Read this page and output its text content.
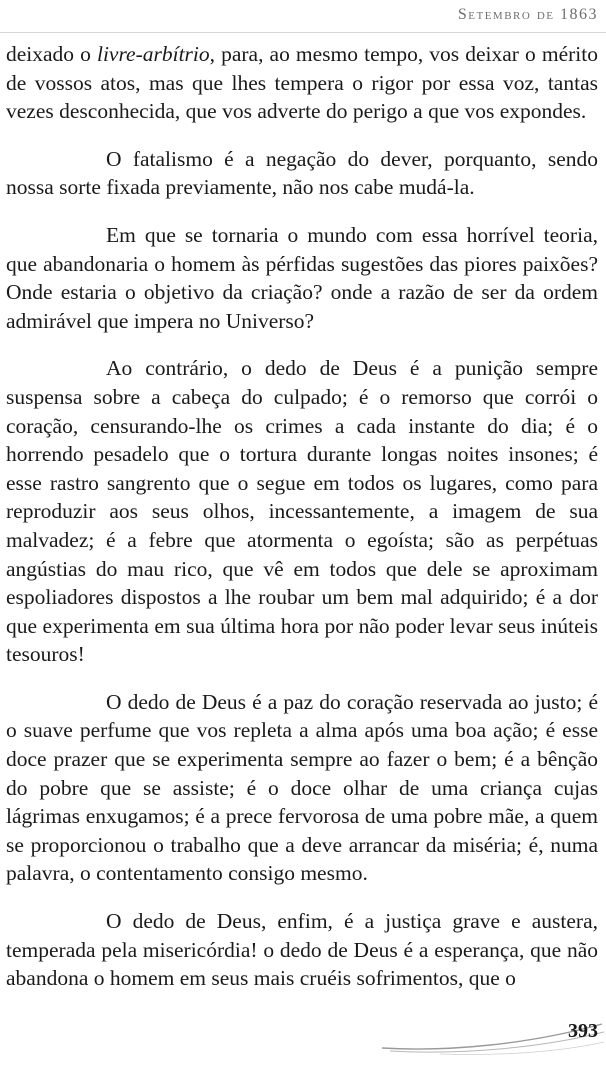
Setembro de 1863

deixado o livre-arbítrio, para, ao mesmo tempo, vos deixar o mérito de vossos atos, mas que lhes tempera o rigor por essa voz, tantas vezes desconhecida, que vos adverte do perigo a que vos expondes.

O fatalismo é a negação do dever, porquanto, sendo nossa sorte fixada previamente, não nos cabe mudá-la.

Em que se tornaria o mundo com essa horrível teoria, que abandonaria o homem às pérfidas sugestões das piores paixões? Onde estaria o objetivo da criação? onde a razão de ser da ordem admirável que impera no Universo?

Ao contrário, o dedo de Deus é a punição sempre suspensa sobre a cabeça do culpado; é o remorso que corrói o coração, censurando-lhe os crimes a cada instante do dia; é o horrendo pesadelo que o tortura durante longas noites insones; é esse rastro sangrento que o segue em todos os lugares, como para reproduzir aos seus olhos, incessantemente, a imagem de sua malvadez; é a febre que atormenta o egoísta; são as perpétuas angústias do mau rico, que vê em todos que dele se aproximam espoliadores dispostos a lhe roubar um bem mal adquirido; é a dor que experimenta em sua última hora por não poder levar seus inúteis tesouros!

O dedo de Deus é a paz do coração reservada ao justo; é o suave perfume que vos repleta a alma após uma boa ação; é esse doce prazer que se experimenta sempre ao fazer o bem; é a bênção do pobre que se assiste; é o doce olhar de uma criança cujas lágrimas enxugamos; é a prece fervorosa de uma pobre mãe, a quem se proporcionou o trabalho que a deve arrancar da miséria; é, numa palavra, o contentamento consigo mesmo.

O dedo de Deus, enfim, é a justiça grave e austera, temperada pela misericórdia! o dedo de Deus é a esperança, que não abandona o homem em seus mais cruéis sofrimentos, que o

393
